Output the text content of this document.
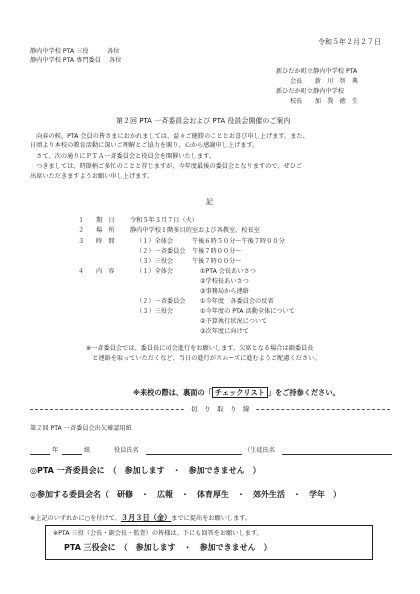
令和５年２月２７日
静内中学校 PTA 三役　　　各位
静内中学校 PTA 専門委員　 各位
新ひだか町立静内中学校 PTA
会長　　新　川　智　典
新ひだか町立静内中学校
校長　　加　我　徳　生
第２回 PTA 一斉委員会および PTA 役員会開催のご案内
　向春の候、PTA 会員の皆さまにおかれましては、益々ご健勝のこととお喜び申し上げます。また、
日頃より本校の教育活動に深いご理解とご協力を賜り、心から感謝申し上げます。
　さて、次の通りにＰＴＡ一斉委員会と役員会を開催いたします。
　つきましては、時節柄ご多忙のことと存じますが、今年度最後の委員会となりますので、ぜひご
出席いただきますようお願い申し上げます。
記
１ 期　日 令和５年３月７日（火）
２ 場　所 静内中学校１階多目的室および各教室、校長室
３ 時　間	（１）全体会	午後６時５０分～午後７時００分
（２）一斉委員会 午後７時００分～
（３）三役会	午後７時００分～
４ 内　容	（１）全体会	①PTA 会長あいさつ
②学校長あいさつ
③事務局から連絡
（２）一斉委員会 ①今年度　各委員会の反省
（３）三役会	①今年度の PTA 活動全体について
②予算執行状況について
③次年度に向けて
※一斉委員会では、委員長に司会進行をお願いします。欠席となる場合は副委員長
　と連絡を取っていただくなど、当日の進行がスムーズに進むようご配慮ください。
※来校の際は、裏面の「 チェックリスト 」をご持参ください。
切　り　取　り　線
第２回 PTA 一斉委員会出欠確認用紙
年	組	役員氏名	（生徒氏名
◎PTA 一斉委員会に　（　参加します　・　参加できません　）
◎参加する委員会名（　研修　・　広報　・　体育厚生　・　郊外生活　・　学年　）
※上記のいずれかに○を付けて、３月３日（金）までに提出をお願いします。
※PTA 三役（会長・副会長・監査）の皆様は、下にも回答をお願いします。
PTA 三役会に　（　参加します　・　参加できません　）
